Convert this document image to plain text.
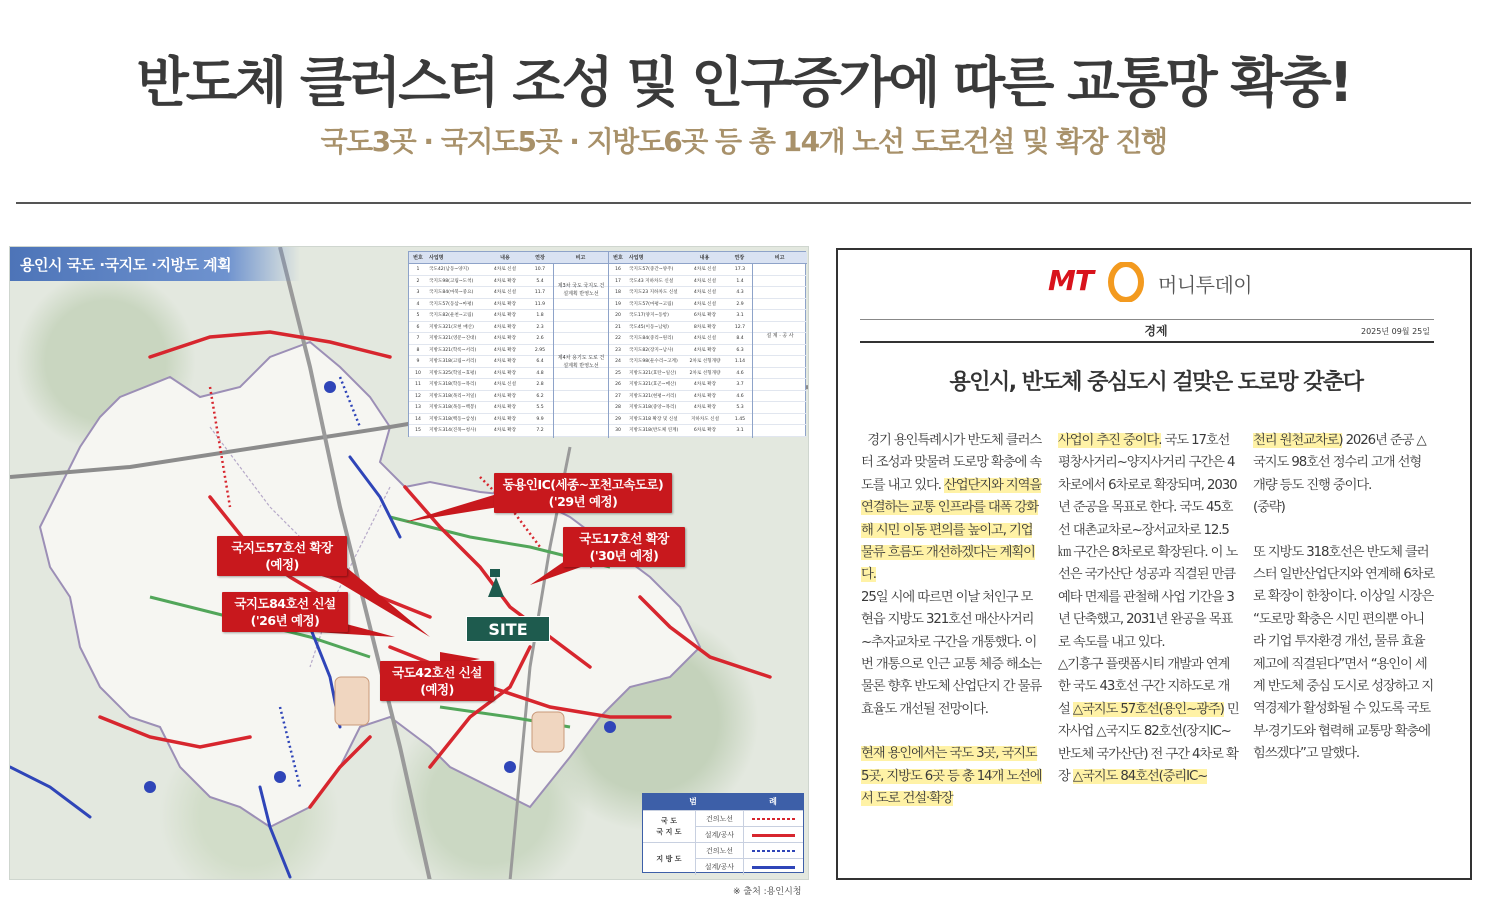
반도체 클러스터 조성 및 인구증가에 따른 교통망 확충!
국도3곳 · 국지도5곳 · 지방도6곳 등 총 14개 노선 도로건설 및 확장 진행
용인시 국도 ·국지도 ·지방도 계획	번호	사업명	내용	연장	비고
1	국도42(남동~양지)	4차로 신설	10.7
2	국지도98(고림~도척)	4차로 확장	5.4
3	국지도84(마북~중요)	4차로 신설	11.7
4	국지도57(동삼~마평)	4차로 확장	11.9
5	국지도82(운천~고림)	4차로 확장	1.8
6	지방도321(모현 매산)	4차로 확장	2.3
7	지방도321(영문~진대)	4차로 확장	2.6
8	지방도321(학록~서리)	4차로 확장	2.95
9	지방도318(고림~서리)	4차로 확장	6.4
10	지방도325(학일~효평)	4차로 확장	4.8
11	지방도318(학동~목리)	4차로 신설	2.8
12	지방도318(목리~저일)	4차로 확장	6.2
13	지방도318(목동~백봉)	4차로 확장	5.5
14	지방도318(백동~삼성)	4차로 확장	9.9
15	지방도314(진목~청사)	4차로 확장	7.2
제3차 국도 국지도 건설계획 반영노선
제4차 용기도 도로 건설계획 반영노선
번호	사업명	내용	연장	비고
16	국지도57(중간~양주)	4차로 신설	17.3
17	국도43 지하차도 신설	4차로 신설	1.4
18	국지도23 지하차도 신설	4차로 신설	4.3
19	국지도57(마평~고림)	4차로 신설	2.9
20	국도17(양지~동항)	6차로 확장	3.1
21	국도45(이동~남평)	8차로 확장	12.7
22	국지도84(중리~원리)	4차로 신설	8.4
23	국지도82(장지~남사)	4차로 확장	6.3
24	국지도98(둔수리~고계)	2차로 선형개량	1.14
25	지방도321(효탄~일산)	2차로 선형개량	4.6
26	지방도321(효곤~매산)	4차로 확장	3.7
27	지방도321(현평~서리)	4차로 확장	4.6
28	지방도318(중앙~목리)	4차로 확장	5.3
29	지방도318 확장 및 신설	지하차도 신설	1.45
30	지방도318(반도체 연계)	6차로 확장	3.1
설 계 · 공 사
동용인IC(세종~포천고속도로)
('29년 예정)
국도17호선 확장
('30년 예정)
국지도57호선 확장
(예정)
국지도84호선 신설
('26년 예정)
국도42호선 신설
(예정)
SITE
범	례
국 도
국 지 도
건의노선
설계/공사
지 방 도
건의노선
설계/공사
※ 출처 :용인시청
MT	머니투데이
경제	2025년 09월 25일
용인시, 반도체 중심도시 걸맞은 도로망 갖춘다

경기 용인특례시가 반도체 클러스터 조성과 맞물려 도로망 확충에 속도를 내고 있다. 산업단지와 지역을 연결하는 교통 인프라를 대폭 강화해 시민 이동 편의를 높이고, 기업 물류 흐름도 개선하겠다는 계획이다.

25일 시에 따르면 이날 처인구 모현읍 지방도 321호선 매산사거리~추자교차로 구간을 개통했다. 이번 개통으로 인근 교통 체증 해소는 물론 향후 반도체 산업단지 간 물류 효율도 개선될 전망이다.

현재 용인에서는 국도 3곳, 국지도 5곳, 지방도 6곳 등 총 14개 노선에서 도로 건설·확장

사업이 추진 중이다. 국도 17호선 평창사거리~양지사거리 구간은 4차로에서 6차로로 확장되며, 2030년 준공을 목표로 한다. 국도 45호선 대촌교차로~장서교차로 12.5㎞ 구간은 8차로로 확장된다. 이 노선은 국가산단 성공과 직결된 만큼 예타 면제를 관철해 사업 기간을 3년 단축했고, 2031년 완공을 목표로 속도를 내고 있다.

△기흥구 플랫폼시티 개발과 연계한 국도 43호선 구간 지하도로 개설 △국지도 57호선(용인~광주) 민자사업 △국지도 82호선(장지IC~반도체 국가산단) 전 구간 4차로 확장 △국지도 84호선(중리IC~

천리 원천교차로) 2026년 준공 △국지도 98호선 정수리 고개 선형 개량 등도 진행 중이다.

(중략)

또 지방도 318호선은 반도체 클러스터 일반산업단지와 연계해 6차로로 확장이 한창이다. 이상일 시장은 “도로망 확충은 시민 편의뿐 아니라 기업 투자환경 개선, 물류 효율 제고에 직결된다”면서 “용인이 세계 반도체 중심 도시로 성장하고 지역경제가 활성화될 수 있도록 국토부·경기도와 협력해 교통망 확충에 힘쓰겠다”고 말했다.
